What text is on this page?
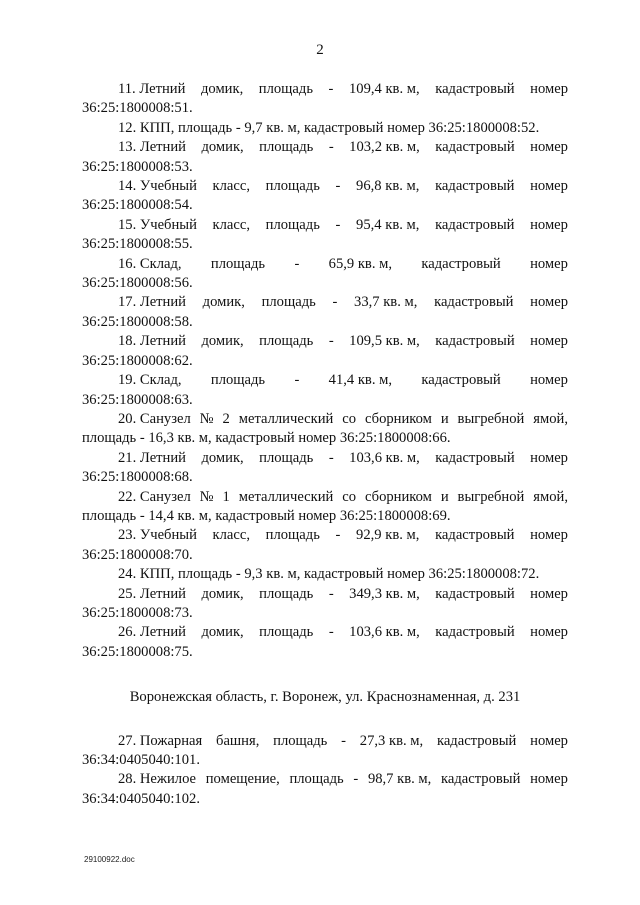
2
11. Летний домик, площадь - 109,4 кв. м, кадастровый номер
36:25:1800008:51.
12. КПП, площадь - 9,7 кв. м, кадастровый номер 36:25:1800008:52.
13. Летний домик, площадь - 103,2 кв. м, кадастровый номер
36:25:1800008:53.
14. Учебный класс, площадь - 96,8 кв. м, кадастровый номер
36:25:1800008:54.
15. Учебный класс, площадь - 95,4 кв. м, кадастровый номер
36:25:1800008:55.
16. Склад, площадь - 65,9 кв. м, кадастровый номер
36:25:1800008:56.
17. Летний домик, площадь - 33,7 кв. м, кадастровый номер
36:25:1800008:58.
18. Летний домик, площадь - 109,5 кв. м, кадастровый номер
36:25:1800008:62.
19. Склад, площадь - 41,4 кв. м, кадастровый номер
36:25:1800008:63.
20. Санузел № 2 металлический со сборником и выгребной ямой,
площадь - 16,3 кв. м, кадастровый номер 36:25:1800008:66.
21. Летний домик, площадь - 103,6 кв. м, кадастровый номер
36:25:1800008:68.
22. Санузел № 1 металлический со сборником и выгребной ямой,
площадь - 14,4 кв. м, кадастровый номер 36:25:1800008:69.
23. Учебный класс, площадь - 92,9 кв. м, кадастровый номер
36:25:1800008:70.
24. КПП, площадь - 9,3 кв. м, кадастровый номер 36:25:1800008:72.
25. Летний домик, площадь - 349,3 кв. м, кадастровый номер
36:25:1800008:73.
26. Летний домик, площадь - 103,6 кв. м, кадастровый номер
36:25:1800008:75.
Воронежская область, г. Воронеж, ул. Краснознаменная, д. 231
27. Пожарная башня, площадь - 27,3 кв. м, кадастровый номер
36:34:0405040:101.
28. Нежилое помещение, площадь - 98,7 кв. м, кадастровый номер
36:34:0405040:102.
29100922.doc
